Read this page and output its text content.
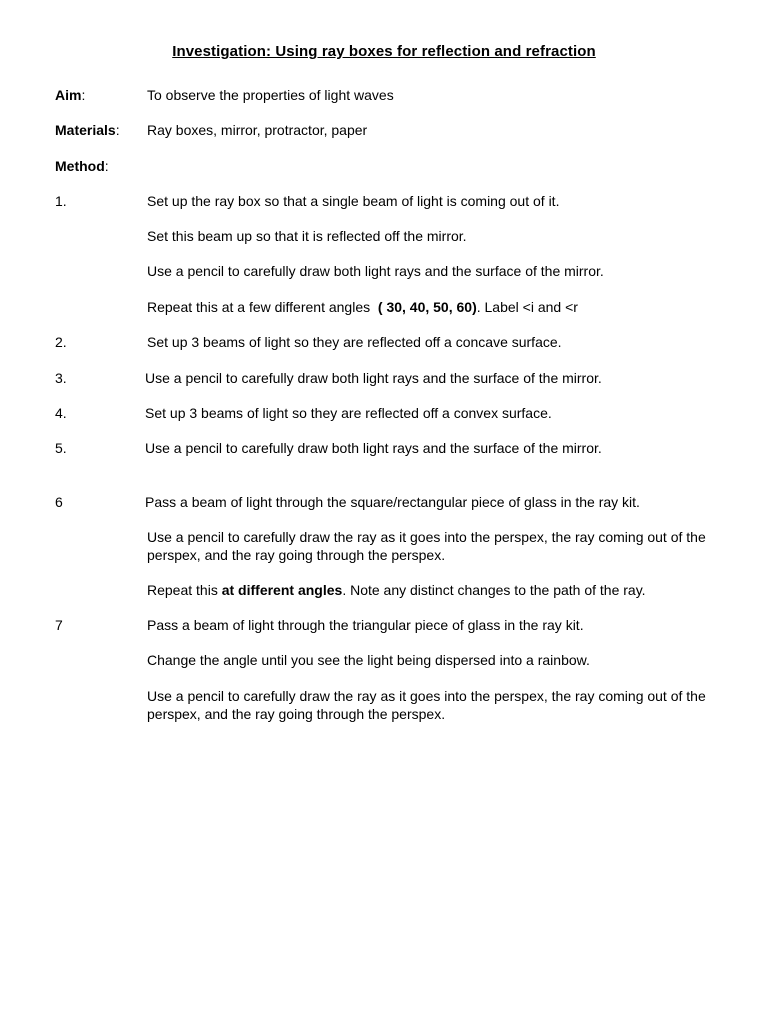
Investigation: Using ray boxes for reflection and refraction
Aim:	To observe the properties of light waves
Materials: Ray boxes, mirror, protractor, paper
Method:
1.	Set up the ray box so that a single beam of light is coming out of it.
Set this beam up so that it is reflected off the mirror.
Use a pencil to carefully draw both light rays and the surface of the mirror.
Repeat this at a few different angles  ( 30, 40, 50, 60). Label <i and <r
2.	Set up 3 beams of light so they are reflected off a concave surface.
3.	Use a pencil to carefully draw both light rays and the surface of the mirror.
4.	Set up 3 beams of light so they are reflected off a convex surface.
5.	Use a pencil to carefully draw both light rays and the surface of the mirror.
6	Pass a beam of light through the square/rectangular piece of glass in the ray kit.
Use a pencil to carefully draw the ray as it goes into the perspex, the ray coming out of the perspex, and the ray going through the perspex.
Repeat this at different angles. Note any distinct changes to the path of the ray.
7	Pass a beam of light through the triangular piece of glass in the ray kit.
Change the angle until you see the light being dispersed into a rainbow.
Use a pencil to carefully draw the ray as it goes into the perspex, the ray coming out of the perspex, and the ray going through the perspex.
